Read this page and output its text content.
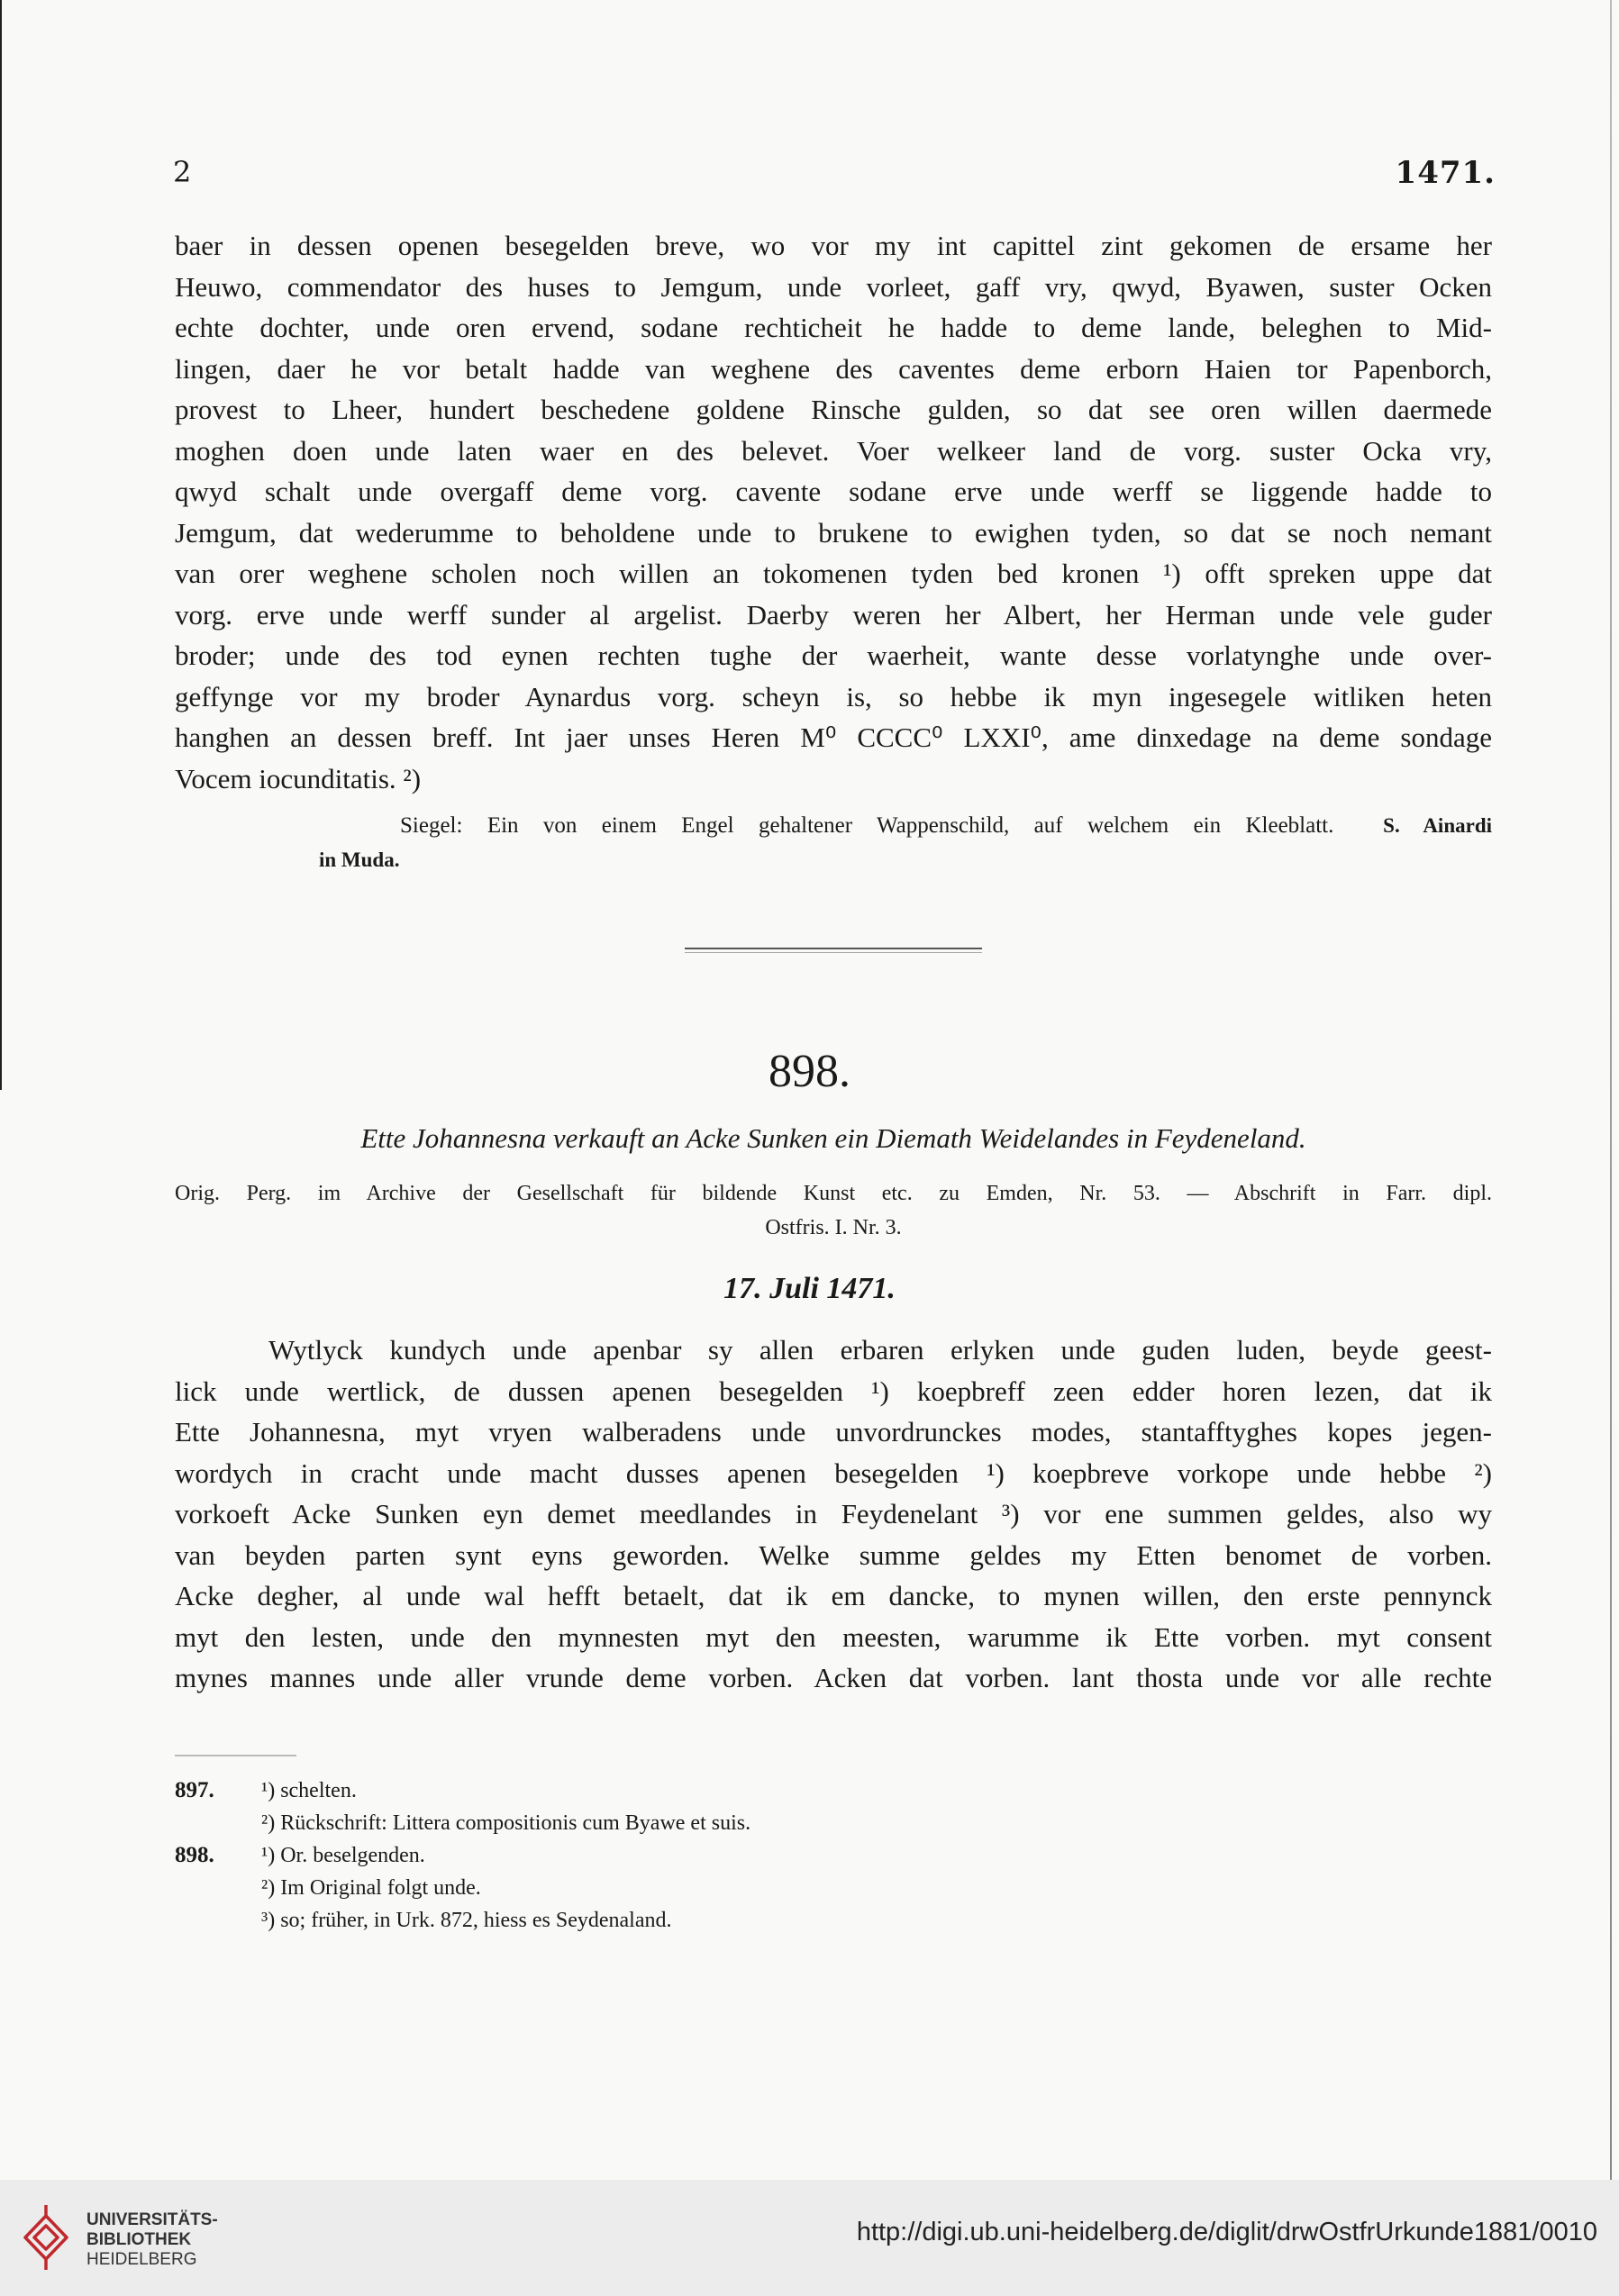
2	1471.
baer in dessen openen besegelden breve, wo vor my int capittel zint gekomen de ersame her
Heuwo, commendator des huses to Jemgum, unde vorleet, gaff vry, qwyd, Byawen, suster Ocken
echte dochter, unde oren ervend, sodane rechticheit he hadde to deme lande, beleghen to Mid-
lingen, daer he vor betalt hadde van weghene des caventes deme erborn Haien tor Papenborch,
provest to Lheer, hundert beschedene goldene Rinsche gulden, so dat see oren willen daermede
moghen doen unde laten waer en des belevet. Voer welkeer land de vorg. suster Ocka vry,
qwyd schalt unde overgaff deme vorg. cavente sodane erve unde werff se liggende hadde to
Jemgum, dat wederumme to beholdene unde to brukene to ewighen tyden, so dat se noch nemant
van orer weghene scholen noch willen an tokomenen tyden bed kronen ¹) offt spreken uppe dat
vorg. erve unde werff sunder al argelist. Daerby weren her Albert, her Herman unde vele guder
broder; unde des tod eynen rechten tughe der waerheit, wante desse vorlatynghe unde over-
geffynge vor my broder Aynardus vorg. scheyn is, so hebbe ik myn ingesegele witliken heten
hanghen an dessen breff. Int jaer unses Heren M⁰ CCCC⁰ LXXI⁰, ame dinxedage na deme sondage
Vocem iocunditatis. ²)
Siegel: Ein von einem Engel gehaltener Wappenschild, auf welchem ein Kleeblatt. S. Ainardi
in Muda.
898.
Ette Johannesna verkauft an Acke Sunken ein Diemath Weidelandes in Feydeneland.
Orig. Perg. im Archive der Gesellschaft für bildende Kunst etc. zu Emden, Nr. 53. — Abschrift in Farr. dipl.
Ostfris. I. Nr. 3.
17. Juli 1471.
Wytlyck kundych unde apenbar sy allen erbaren erlyken unde guden luden, beyde geest-
lick unde wertlick, de dussen apenen besegelden ¹) koepbreff zeen edder horen lezen, dat ik
Ette Johannesna, myt vryen walberadens unde unvordrunckes modes, stantafftyghes kopes jegen-
wordych in cracht unde macht dusses apenen besegelden ¹) koepbreve vorkope unde hebbe ²)
vorkoeft Acke Sunken eyn demet meedlandes in Feydenelant ³) vor ene summen geldes, also wy
van beyden parten synt eyns geworden. Welke summe geldes my Etten benomet de vorben.
Acke degher, al unde wal hefft betaelt, dat ik em dancke, to mynen willen, den erste pennynck
myt den lesten, unde den mynnesten myt den meesten, warumme ik Ette vorben. myt consent
mynes mannes unde aller vrunde deme vorben. Acken dat vorben. lant thosta unde vor alle rechte
897. ¹) schelten.
²) Rückschrift: Littera compositionis cum Byawe et suis.
898. ¹) Or. beselgenden.
²) Im Original folgt unde.
³) so; früher, in Urk. 872, hiess es Seydenaland.
UNIVERSITÄTS-
BIBLIOTHEK
HEIDELBERG
http://digi.ub.uni-heidelberg.de/diglit/drwOstfrUrkunde1881/0010
